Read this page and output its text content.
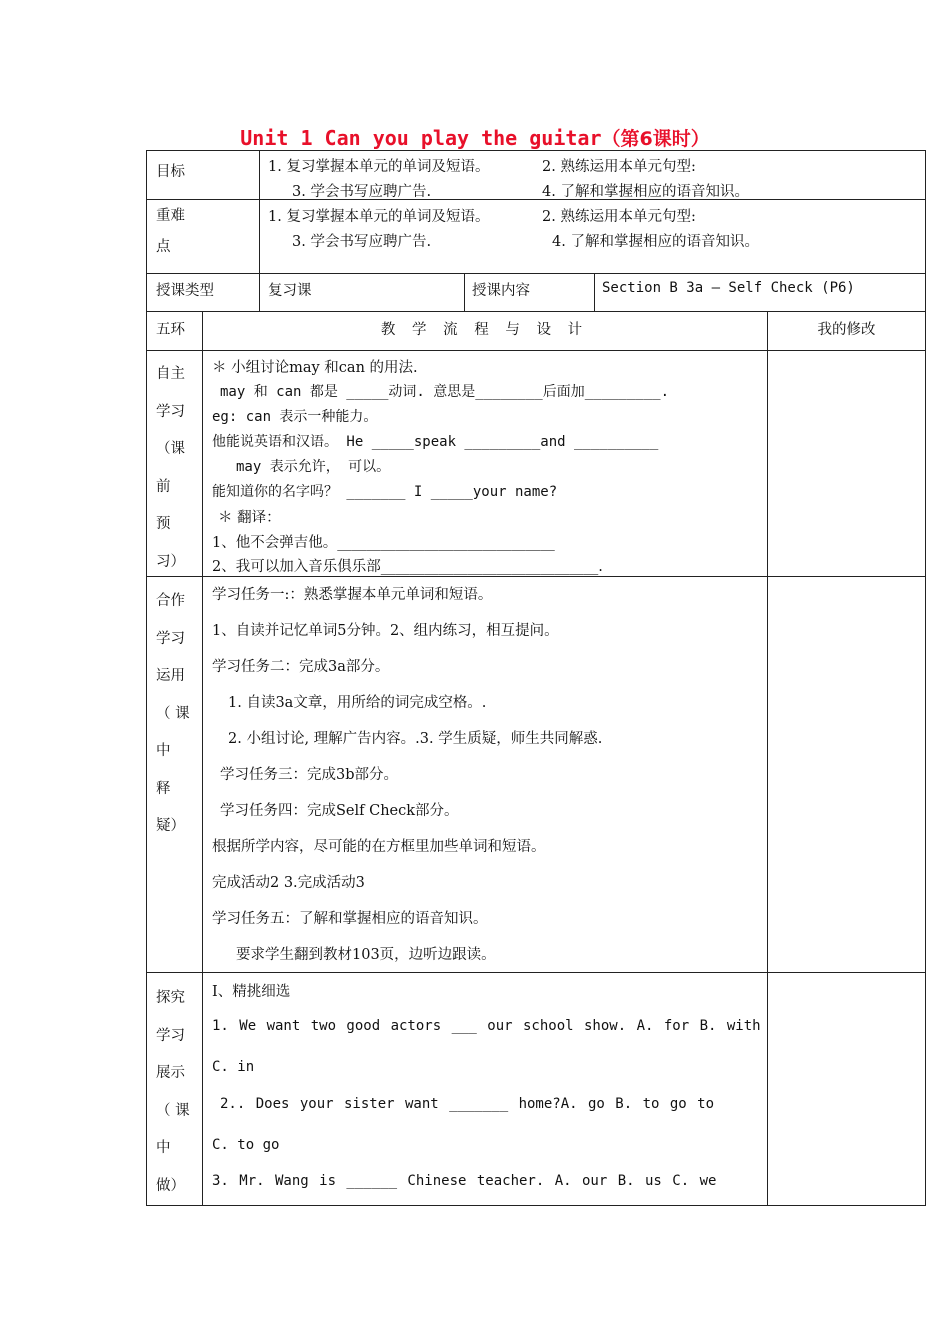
Unit 1 Can you play the guitar（第6课时）
目标	1. 复习掌握本单元的单词及短语。	2. 熟练运用本单元句型:
3. 学会书写应聘广告.	4. 了解和掌握相应的语音知识。
重难
点
1. 复习掌握本单元的单词及短语。	2. 熟练运用本单元句型:
3. 学会书写应聘广告.	4. 了解和掌握相应的语音知识。
授课类型	复习课	授课内容	Section B 3a — Self Check (P6)
五环	教 学 流 程 与 设 计	我的修改
自主
学习
（课
前
预
习）
＊ 小组讨论may 和can 的用法.
may 和 can 都是 _____动词. 意思是________后面加_________.
eg: can 表示一种能力。
他能说英语和汉语。 He _____speak _________and __________
may 表示允许， 可以。
能知道你的名字吗？ _______ I _____your name?
＊ 翻译：
1、他不会弹吉他。______________________________
2、我可以加入音乐俱乐部______________________________.
合作
学习
运用
（ 课
中
释
疑）
学习任务一:：熟悉掌握本单元单词和短语。
1、自读并记忆单词5分钟。2、组内练习，相互提问。
学习任务二：完成3a部分。
1. 自读3a文章，用所给的词完成空格。.
2. 小组讨论, 理解广告内容。.3. 学生质疑，师生共同解惑.
学习任务三：完成3b部分。
学习任务四：完成Self Check部分。
根据所学内容，尽可能的在方框里加些单词和短语。
完成活动2 3.完成活动3
学习任务五：了解和掌握相应的语音知识。
要求学生翻到教材103页，边听边跟读。
探究
学习
展示
（ 课
中
做）
I、精挑细选
1. We want two good actors ___ our school show. A. for B. with
C. in
2.. Does your sister want _______ home?A. go B. to go to
C. to go
3. Mr. Wang is ______ Chinese teacher. A. our B. us C. we
